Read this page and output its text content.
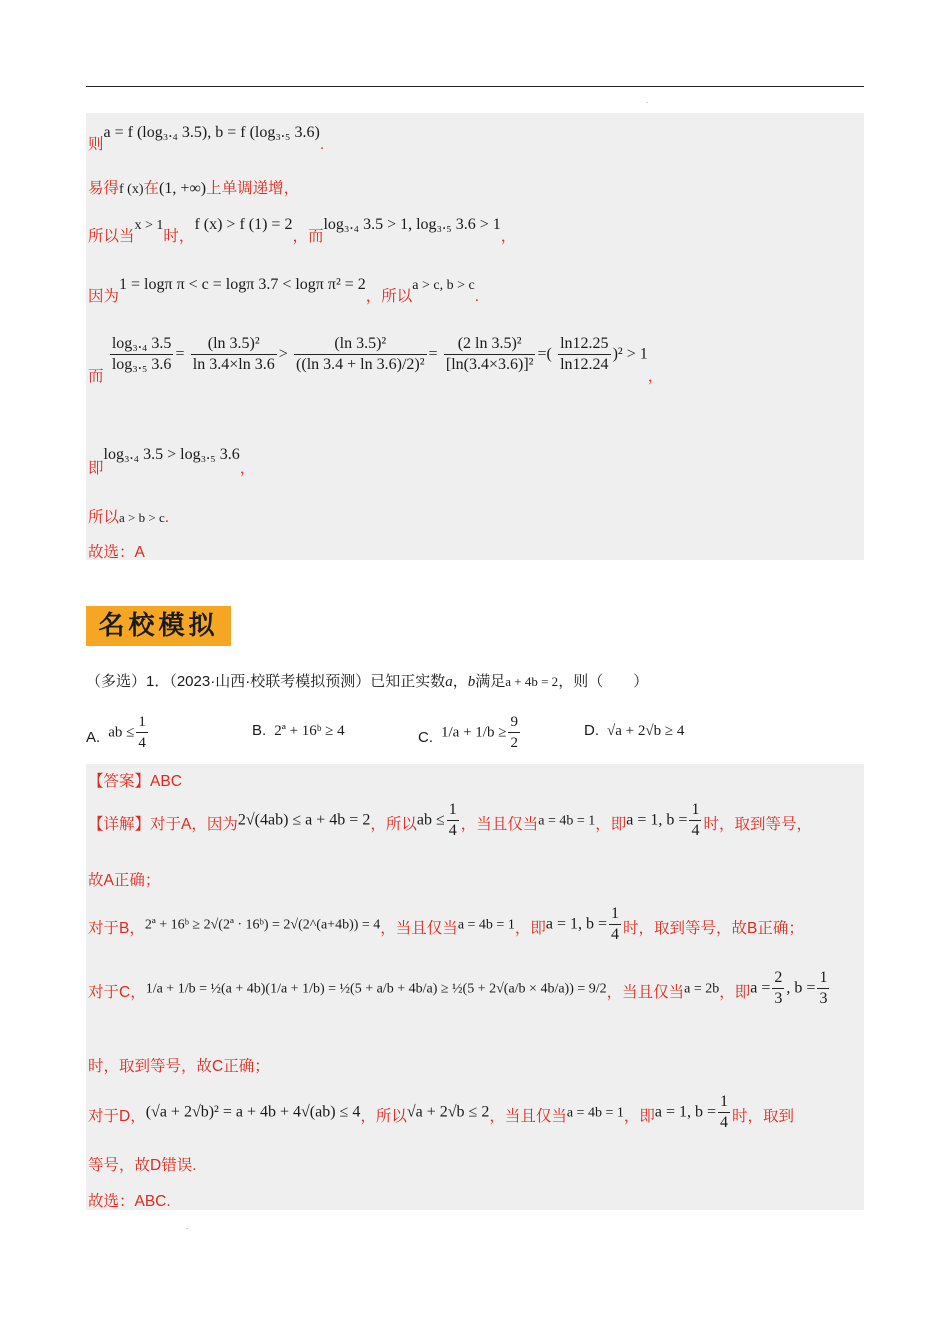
.
则a = f (log₃.₄ 3.5), b = f (log₃.₅ 3.6).
易得f (x)在(1, +∞)上单调递增，
所以当x > 1时，f (x) > f (1) = 2，而log₃.₄ 3.5 > 1, log₃.₅ 3.6 > 1，
因为1 = logπ π < c = logπ 3.7 < logπ π² = 2，所以a > c, b > c.
而
$\frac{\text{log₃.₄ 3.5}}{\text{log₃.₅ 3.6}} = \frac{\text{(ln 3.5)²}}{\ln 3.4\times\ln 3.6} > \frac{\text{(ln 3.5)²}}{\text{((ln 3.4 + ln 3.6)/2)²}} = \frac{\text{(2 ln 3.5)²}}{\text{[ln(3.4×3.6)]²}}$ =( $\frac{\ln 12.25}{\ln 12.24} )^2 > 1$，
即log₃.₄ 3.5 > log₃.₅ 3.6，
所以a > b > c.
故选：A
名校模拟
（多选）1．（2023·山西·校联考模拟预测）已知正实数a，b满足a + 4b = 2，则（　　）
A. ab ≤ $\frac{1}{4}$	B. 2ª + 16ᵇ ≥ 4	C. $1/a + 1/b \ge \frac{9}{2}$	D. √a + 2√b ≥ 4
【答案】ABC
【详解】对于A，因为2√(4ab) ≤ a + 4b = 2，所以ab ≤ $\frac{1}{4}$ ，当且仅当a = 4b = 1，即a = 1, $b = \frac{1}{4}$ 时，取到等号，
故A正确；
对于B，2ª + 16ᵇ ≥ 2√(2ª · 16ᵇ) = 2√(2^(a+4b)) = 4，当且仅当a = 4b = 1，即a = 1, $b = \frac{1}{4}$ 时，取到等号，故B正确；
对于C，1/a + 1/b = ½(a + 4b)(1/a + 1/b) = ½(5 + a/b + 4b/a) ≥ ½(5 + 2√(a/b × 4b/a)) = 9/2，当且仅当a = 2b，即$a = \frac{2}{3}$ , $b = \frac{1}{3}$
时，取到等号，故C正确；
对于D，(√a + 2√b)² = a + 4b + 4√(ab) ≤ 4，所以√a + 2√b ≤ 2，当且仅当a = 4b = 1，即a = 1, $b = \frac{1}{4}$ 时，取到
等号，故D错误.
故选：ABC.
.
